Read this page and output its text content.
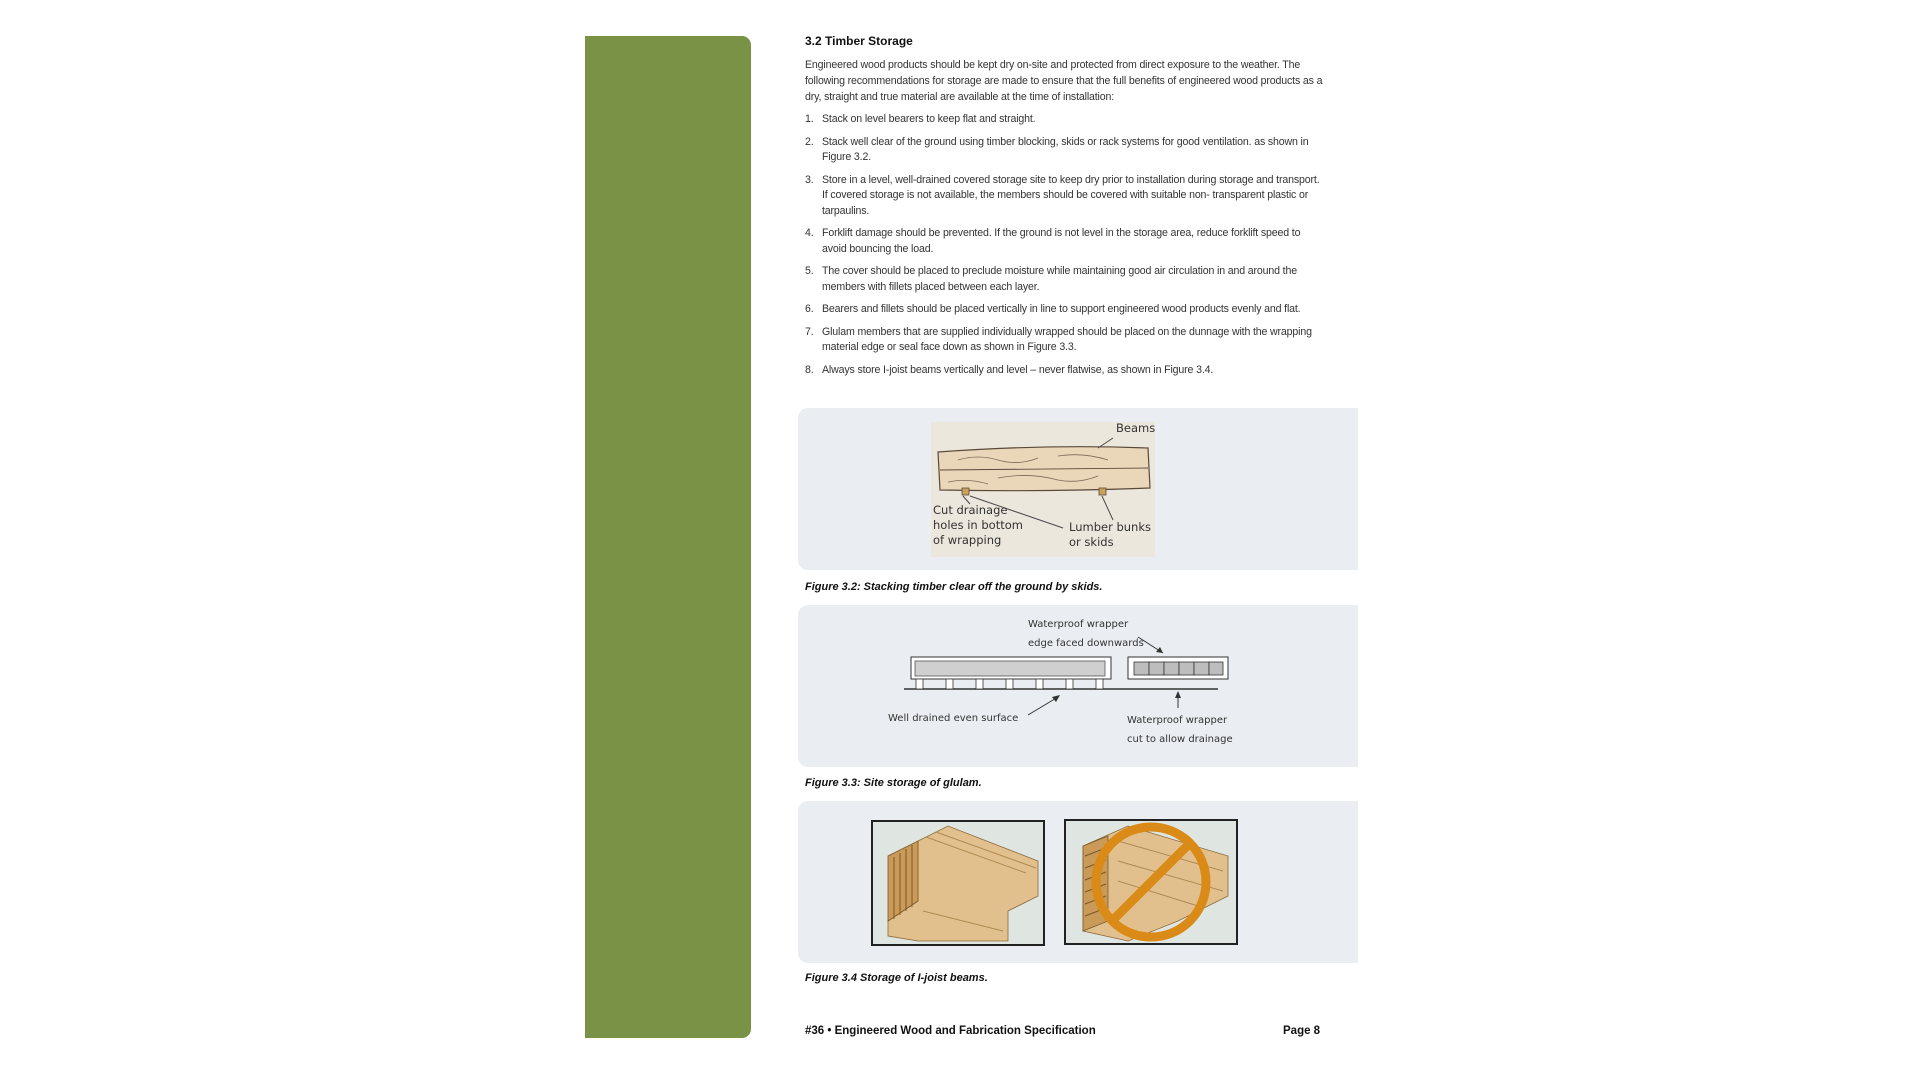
3.2 Timber Storage
Engineered wood products should be kept dry on-site and protected from direct exposure to the weather. The following recommendations for storage are made to ensure that the full benefits of engineered wood products as a dry, straight and true material are available at the time of installation:
1. Stack on level bearers to keep flat and straight.
2. Stack well clear of the ground using timber blocking, skids or rack systems for good ventilation. as shown in Figure 3.2.
3. Store in a level, well-drained covered storage site to keep dry prior to installation during storage and transport. If covered storage is not available, the members should be covered with suitable non- transparent plastic or tarpaulins.
4. Forklift damage should be prevented. If the ground is not level in the storage area, reduce forklift speed to avoid bouncing the load.
5. The cover should be placed to preclude moisture while maintaining good air circulation in and around the members with fillets placed between each layer.
6. Bearers and fillets should be placed vertically in line to support engineered wood products evenly and flat.
7. Glulam members that are supplied individually wrapped should be placed on the dunnage with the wrapping material edge or seal face down as shown in Figure 3.3.
8. Always store I-joist beams vertically and level – never flatwise, as shown in Figure 3.4.
Beams
Cut drainage
holes in bottom
of wrapping
Lumber bunks
or skids
Figure 3.2: Stacking timber clear off the ground by skids.
Waterproof wrapper
edge faced downwards
Well drained even surface	Waterproof wrapper
cut to allow drainage
Figure 3.3: Site storage of glulam.
Figure 3.4 Storage of I-joist beams.
#36 • Engineered Wood and Fabrication Specification	Page 8
